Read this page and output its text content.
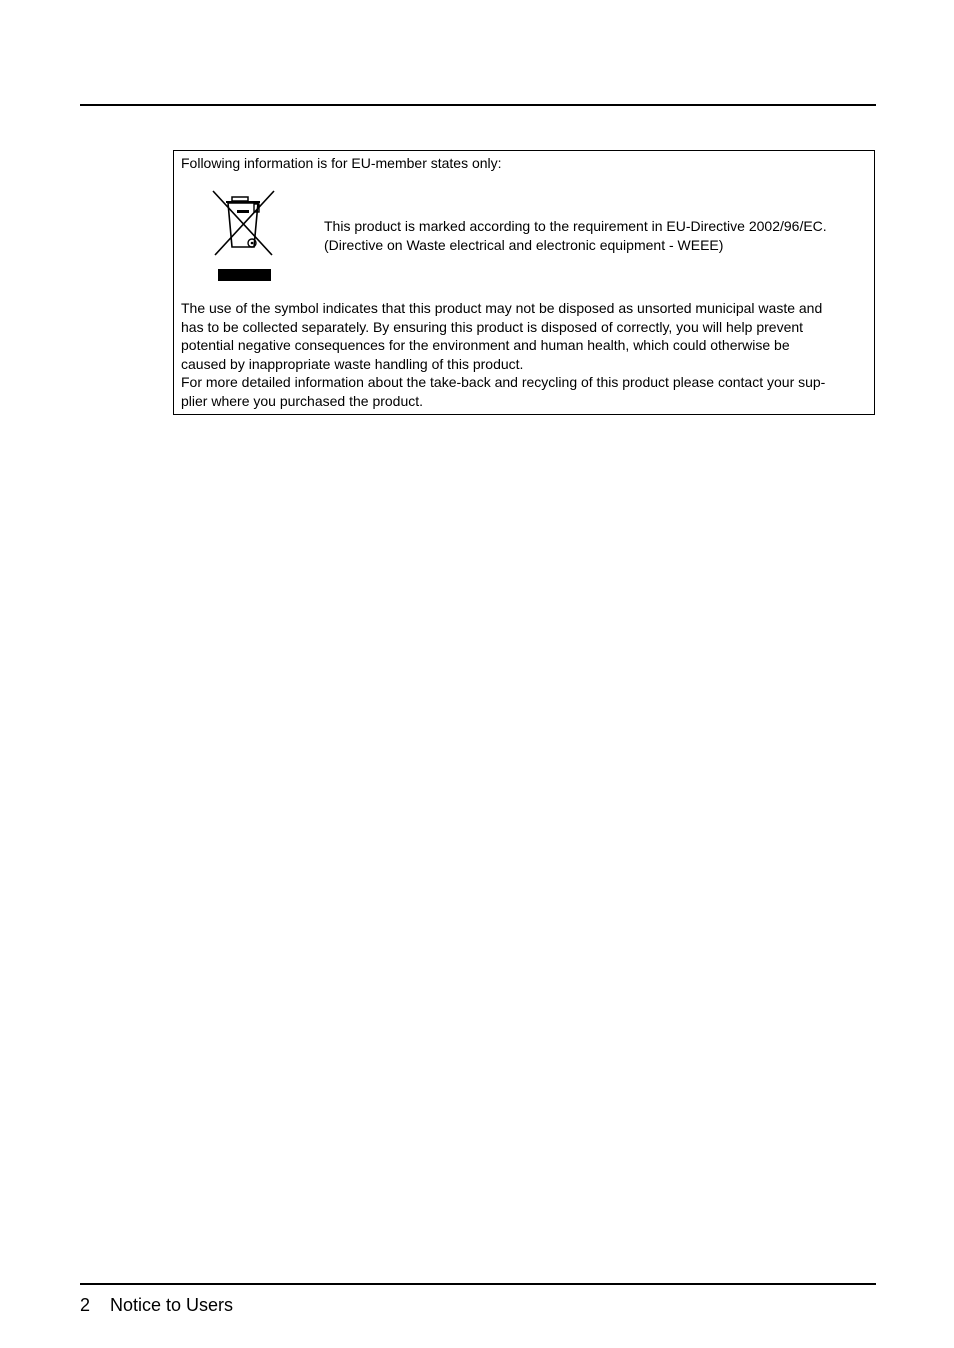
Following information is for EU-member states only:
This product is marked according to the requirement in EU-Directive 2002/96/EC.
(Directive on Waste electrical and electronic equipment - WEEE)
The use of the symbol indicates that this product may not be disposed as unsorted municipal waste and
has to be collected separately. By ensuring this product is disposed of correctly, you will help prevent
potential negative consequences for the environment and human health, which could otherwise be
caused by inappropriate waste handling of this product.
For more detailed information about the take-back and recycling of this product please contact your sup-
plier where you purchased the product.
2 Notice to Users
